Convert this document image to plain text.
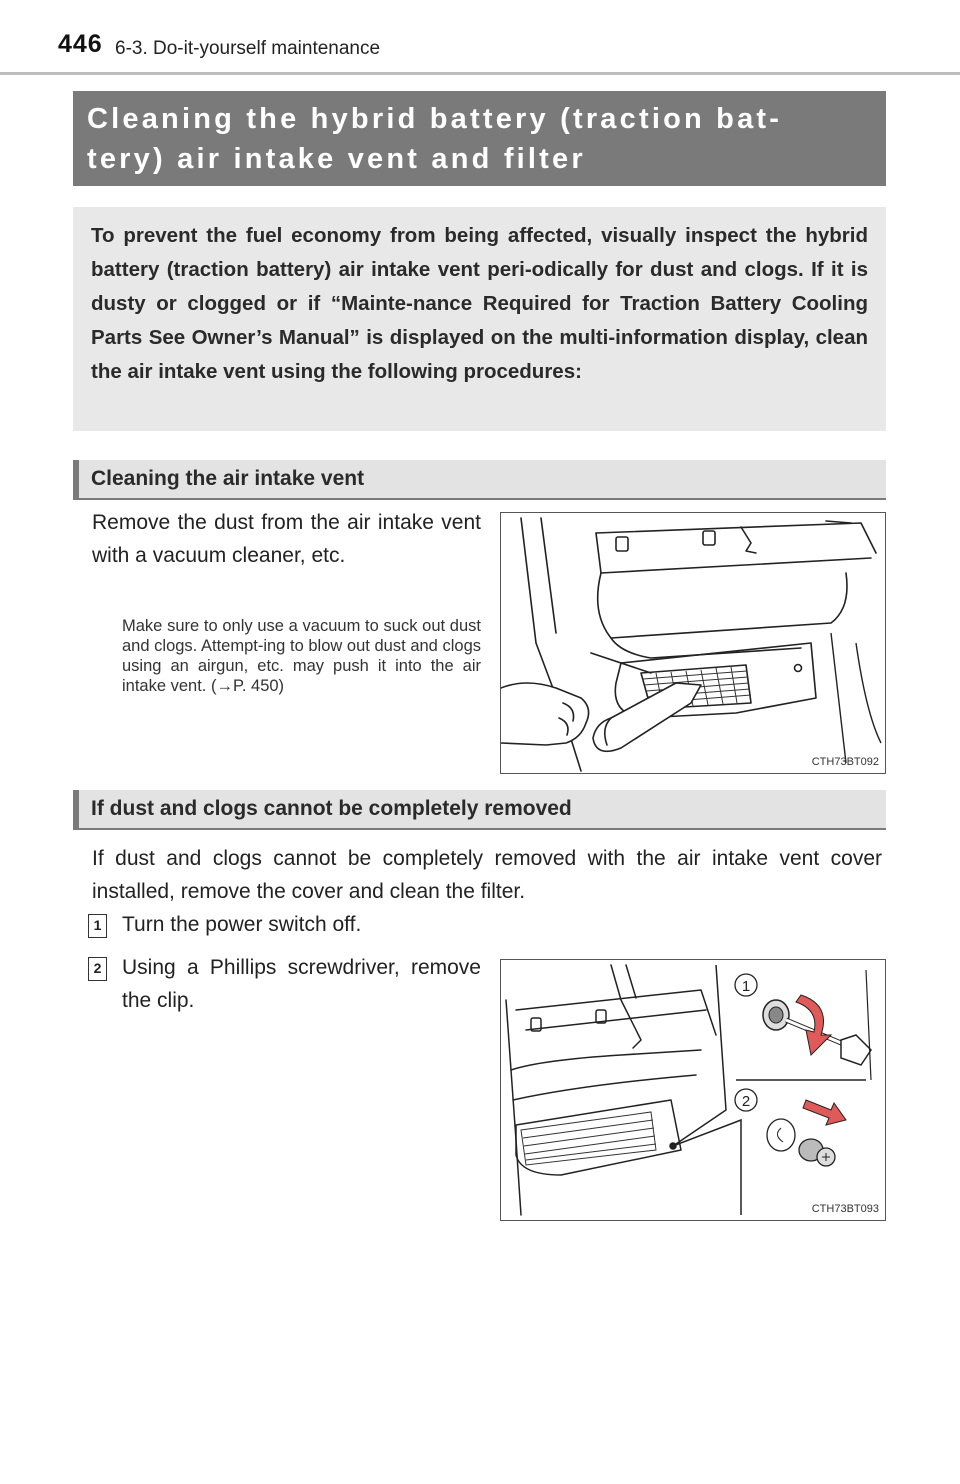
446 6-3. Do-it-yourself maintenance
Cleaning the hybrid battery (traction bat-
tery) air intake vent and filter

To prevent the fuel economy from being affected, visually inspect the hybrid battery (traction battery) air intake vent peri-odically for dust and clogs. If it is dusty or clogged or if “Mainte-nance Required for Traction Battery Cooling Parts See Owner’s Manual” is displayed on the multi-information display, clean the air intake vent using the following procedures:

Cleaning the air intake vent

Remove the dust from the air intake vent with a vacuum cleaner, etc.

Make sure to only use a vacuum to suck out dust and clogs. Attempt-ing to blow out dust and clogs using an airgun, etc. may push it into the air intake vent. (→P. 450)

CTH73BT092
If dust and clogs cannot be completely removed

If dust and clogs cannot be completely removed with the air intake vent cover installed, remove the cover and clean the filter.

1 Turn the power switch off.

2 Using a Phillips screwdriver, remove the clip.

1
2
CTH73BT093
